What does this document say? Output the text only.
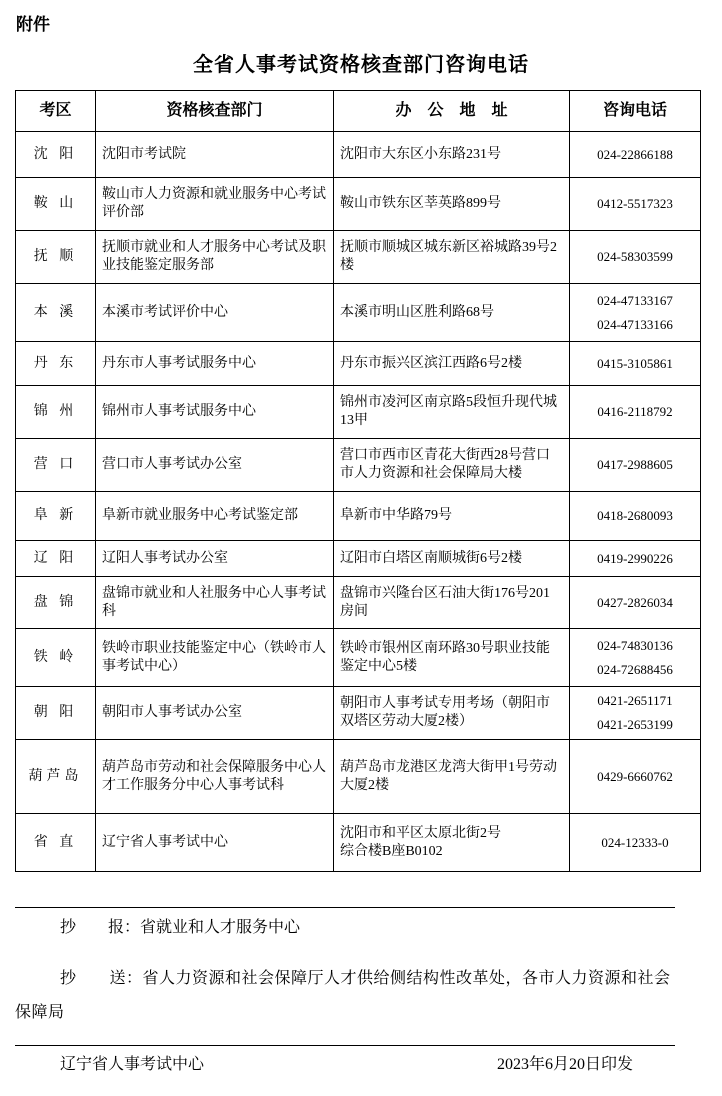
附件
全省人事考试资格核查部门咨询电话
考区	资格核查部门	办　公　地　址	咨询电话
沈 阳	沈阳市考试院	沈阳市大东区小东路231号	024-22866188

鞍 山	鞍山市人力资源和就业服务中心考试评价部	鞍山市铁东区莘英路899号	0412-5517323

抚 顺	抚顺市就业和人才服务中心考试及职业技能鉴定服务部	抚顺市顺城区城东新区裕城路39号2楼	024-58303599

本 溪	本溪市考试评价中心	本溪市明山区胜利路68号	024-47133167
024-47133166

丹 东	丹东市人事考试服务中心	丹东市振兴区滨江西路6号2楼	0415-3105861

锦 州	锦州市人事考试服务中心	锦州市凌河区南京路5段恒升现代城13甲	0416-2118792

营 口	营口市人事考试办公室	营口市西市区青花大街西28号营口市人力资源和社会保障局大楼	0417-2988605

阜 新	阜新市就业服务中心考试鉴定部	阜新市中华路79号	0418-2680093

辽 阳	辽阳人事考试办公室	辽阳市白塔区南顺城街6号2楼	0419-2990226

盘 锦	盘锦市就业和人社服务中心人事考试科	盘锦市兴隆台区石油大街176号201房间	0427-2826034

铁 岭	铁岭市职业技能鉴定中心（铁岭市人事考试中心）	铁岭市银州区南环路30号职业技能鉴定中心5楼	024-74830136
024-72688456

朝 阳	朝阳市人事考试办公室	朝阳市人事考试专用考场（朝阳市双塔区劳动大厦2楼）	0421-2651171
0421-2653199

葫芦岛	葫芦岛市劳动和社会保障服务中心人才工作服务分中心人事考试科	葫芦岛市龙港区龙湾大街甲1号劳动大厦2楼	0429-6660762

省 直	辽宁省人事考试中心	沈阳市和平区太原北街2号
综合楼B座B0102	024-12333-0
抄　　报：省就业和人才服务中心
抄　　送：省人力资源和社会保障厅人才供给侧结构性改革处，各市人力资源和社会保障局
辽宁省人事考试中心	2023年6月20日印发
